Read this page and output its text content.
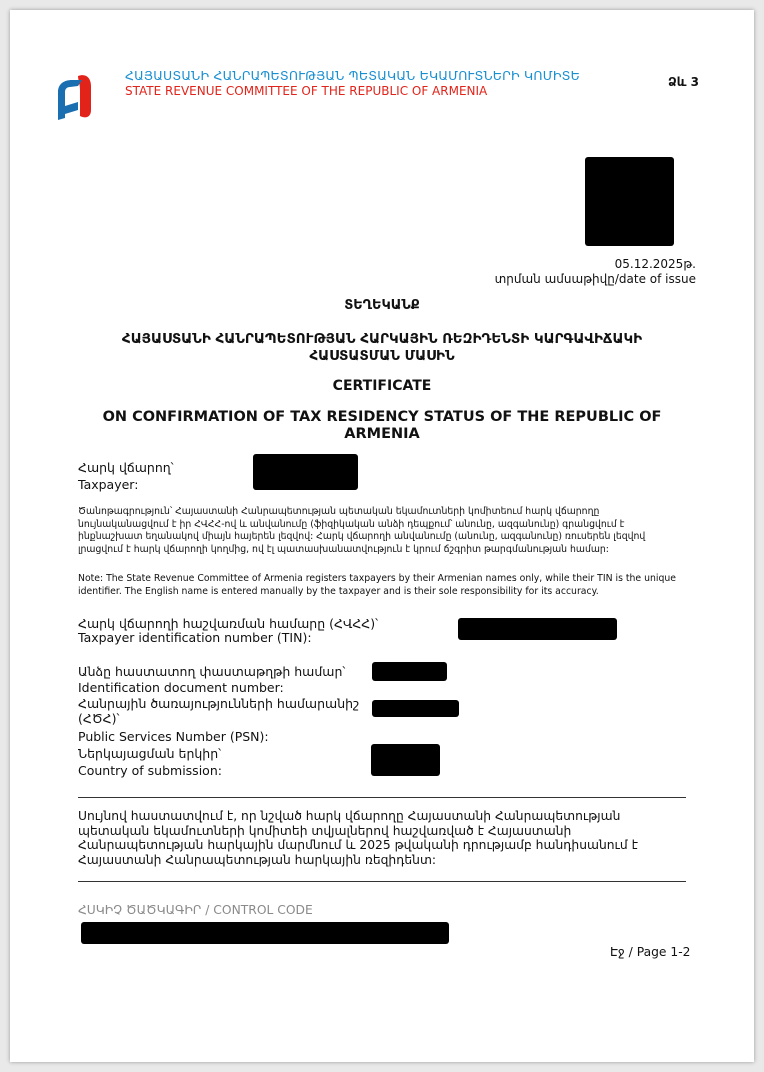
ՀԱՅԱՍՏԱՆԻ ՀԱՆՐԱՊԵՏՈՒԹՅԱՆ ՊԵՏԱԿԱՆ ԵԿԱՄՈՒՏՆԵՐԻ ԿՈՄԻՏԵ
STATE REVENUE COMMITTEE OF THE REPUBLIC OF ARMENIA
Ձև 3
05.12.2025թ.
տրման ամսաթիվը/date of issue
ՏԵՂԵԿԱՆՔ
ՀԱՅԱՍՏԱՆԻ ՀԱՆՐԱՊԵՏՈՒԹՅԱՆ ՀԱՐԿԱՅԻՆ ՌԵԶԻԴԵՆՏԻ ԿԱՐԳԱՎԻՃԱԿԻ ՀԱՍՏԱՏՄԱՆ ՄԱՍԻՆ
CERTIFICATE
ON CONFIRMATION OF TAX RESIDENCY STATUS OF THE REPUBLIC OF ARMENIA
Հարկ վճարող՝
Taxpayer:
Ծանոթագրություն՝ Հայաստանի Հանրապետության պետական եկամուտների կոմիտեում հարկ վճարողը նույնականացվում է իր ՀՎՀՀ-ով և անվանումը (ֆիզիկական անձի դեպքում՝ անունը, ազգանունը) գրանցվում է ինքնաշխատ եղանակով միայն հայերեն լեզվով: Հարկ վճարողի անվանումը (անունը, ազգանունը) ռուսերեն լեզվով լրացվում է հարկ վճարողի կողմից, ով էլ պատասխանատվություն է կրում ճշգրիտ թարգմանության համար:
Note: The State Revenue Committee of Armenia registers taxpayers by their Armenian names only, while their TIN is the unique identifier. The English name is entered manually by the taxpayer and is their sole responsibility for its accuracy.
Հարկ վճարողի հաշվառման համարը (ՀՎՀՀ)՝
Taxpayer identification number (TIN):
Անձը հաստատող փաստաթղթի համար՝
Identification document number:
Հանրային ծառայությունների համարանիշ
(ՀԾՀ)՝
Public Services Number (PSN):
Ներկայացման երկիր՝
Country of submission:
Սույնով հաստատվում է, որ նշված հարկ վճարողը Հայաստանի Հանրապետության պետական եկամուտների կոմիտեի տվյալներով հաշվառված է Հայաստանի Հանրապետության հարկային մարմնում և 2025 թվականի դրությամբ հանդիսանում է Հայաստանի Հանրապետության հարկային ռեզիդենտ:
ՀՍԿԻՉ ԾԱԾԿԱԳԻՐ / CONTROL CODE
Էջ / Page 1-2
